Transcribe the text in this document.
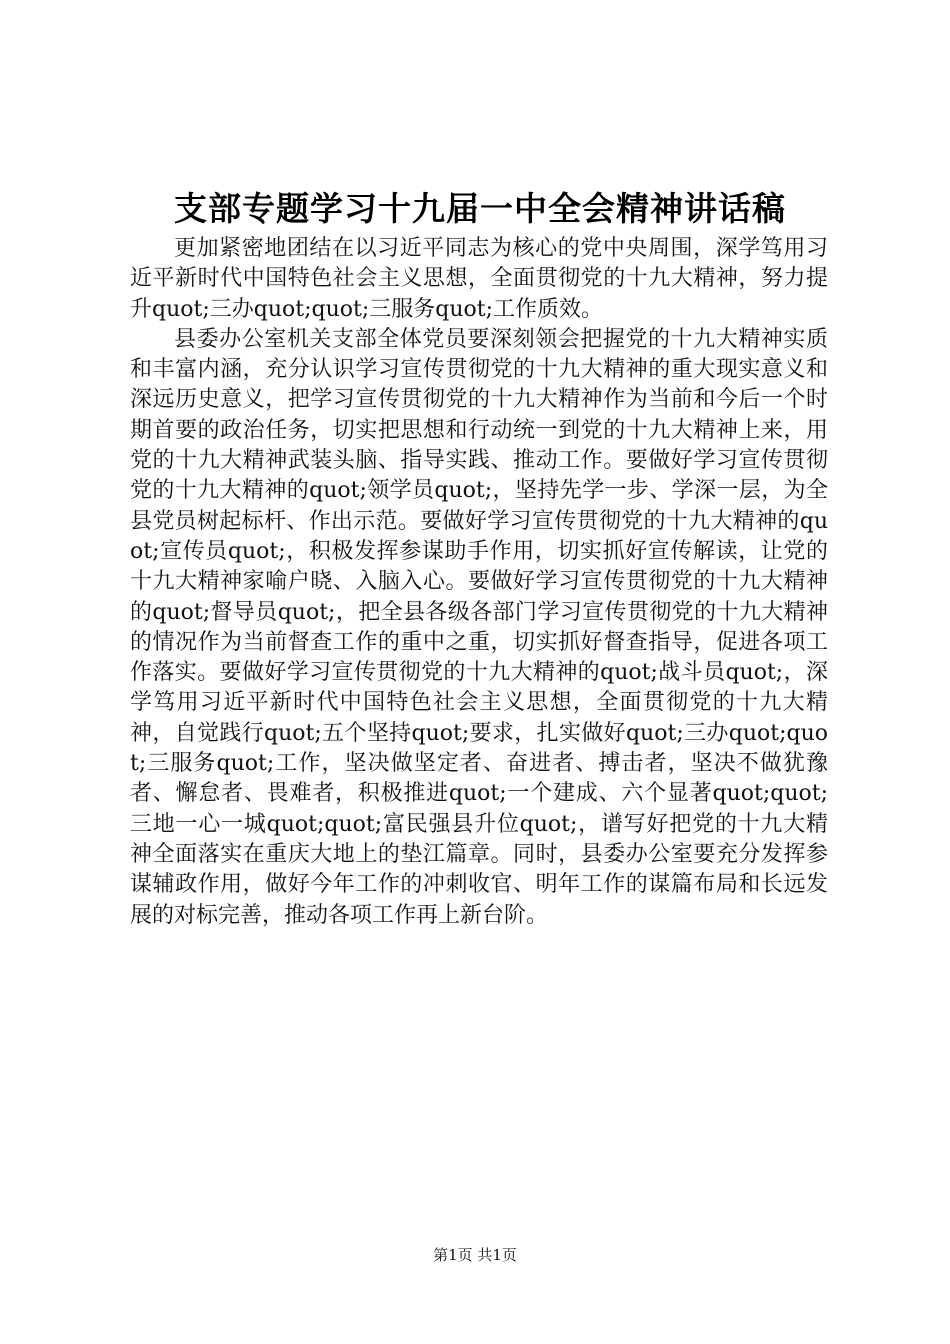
支部专题学习十九届一中全会精神讲话稿

更加紧密地团结在以习近平同志为核心的党中央周围，深学笃用习近平新时代中国特色社会主义思想，全面贯彻党的十九大精神，努力提升quot;三办quot;quot;三服务quot;工作质效。

县委办公室机关支部全体党员要深刻领会把握党的十九大精神实质和丰富内涵，充分认识学习宣传贯彻党的十九大精神的重大现实意义和深远历史意义，把学习宣传贯彻党的十九大精神作为当前和今后一个时期首要的政治任务，切实把思想和行动统一到党的十九大精神上来，用党的十九大精神武装头脑、指导实践、推动工作。要做好学习宣传贯彻党的十九大精神的quot;领学员quot;，坚持先学一步、学深一层，为全县党员树起标杆、作出示范。要做好学习宣传贯彻党的十九大精神的quot;宣传员quot;，积极发挥参谋助手作用，切实抓好宣传解读，让党的十九大精神家喻户晓、入脑入心。要做好学习宣传贯彻党的十九大精神的quot;督导员quot;，把全县各级各部门学习宣传贯彻党的十九大精神的情况作为当前督查工作的重中之重，切实抓好督查指导，促进各项工作落实。要做好学习宣传贯彻党的十九大精神的quot;战斗员quot;，深学笃用习近平新时代中国特色社会主义思想，全面贯彻党的十九大精神，自觉践行quot;五个坚持quot;要求，扎实做好quot;三办quot;quot;三服务quot;工作，坚决做坚定者、奋进者、搏击者，坚决不做犹豫者、懈怠者、畏难者，积极推进quot;一个建成、六个显著quot;quot;三地一心一城quot;quot;富民强县升位quot;，谱写好把党的十九大精神全面落实在重庆大地上的垫江篇章。同时，县委办公室要充分发挥参谋辅政作用，做好今年工作的冲刺收官、明年工作的谋篇布局和长远发展的对标完善，推动各项工作再上新台阶。

第1页 共1页
